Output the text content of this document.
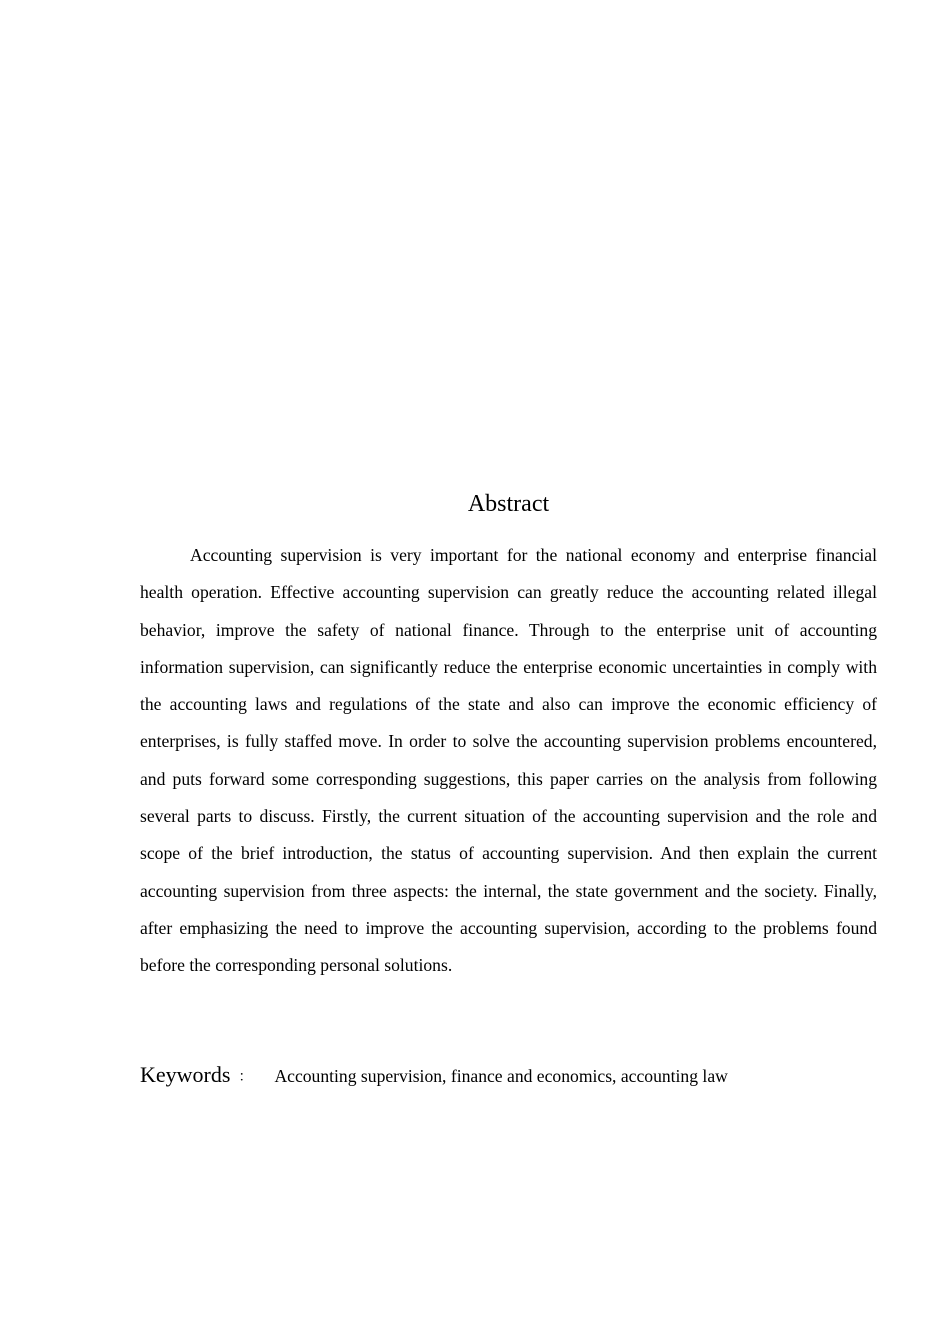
Abstract

Accounting supervision is very important for the national economy and enterprise financial health operation. Effective accounting supervision can greatly reduce the accounting related illegal behavior, improve the safety of national finance. Through to the enterprise unit of accounting information supervision, can significantly reduce the enterprise economic uncertainties in comply with the accounting laws and regulations of the state and also can improve the economic efficiency of enterprises, is fully staffed move. In order to solve the accounting supervision problems encountered, and puts forward some corresponding suggestions, this paper carries on the analysis from following several parts to discuss. Firstly, the current situation of the accounting supervision and the role and scope of the brief introduction, the status of accounting supervision. And then explain the current accounting supervision from three aspects: the internal, the state government and the society. Finally, after emphasizing the need to improve the accounting supervision, according to the problems found before the corresponding personal solutions.

Keywords ： Accounting supervision, finance and economics, accounting law
